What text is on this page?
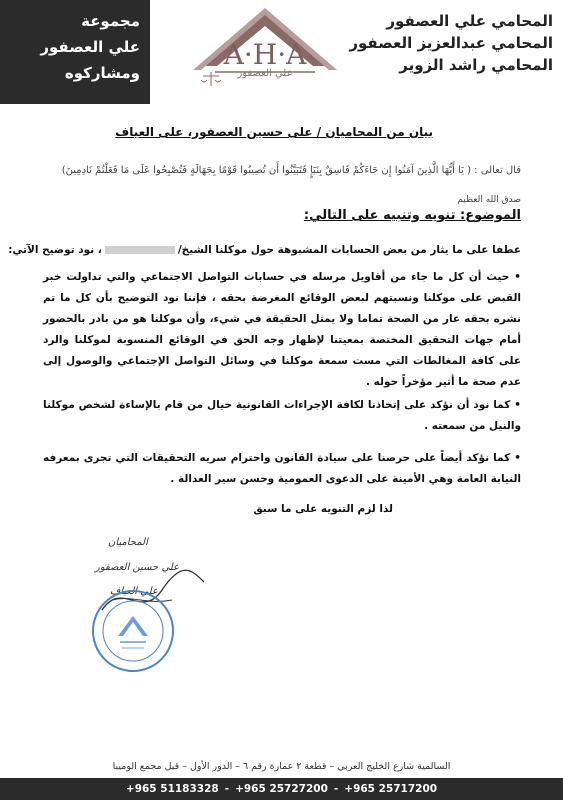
مجموعة
علي العصفور
ومشاركوه
A·H·A
علي العصفور
المحامي علي العصفور
المحامي عبدالعزيز العصفور
المحامي راشد الزوير
بيان من المحاميان / على حسين العصفور، على العياف
قال تعالى : ( يَا أَيُّهَا الَّذِينَ آمَنُوا إِن جَاءَكُمْ فَاسِقٌ بِنَبَإٍ فَتَبَيَّنُوا أَن تُصِيبُوا قَوْمًا بِجَهَالَةٍ فَتُصْبِحُوا عَلَى مَا فَعَلْتُمْ نَادِمِينَ)
صدق الله العظيم
الموضوع: تنويه وتنبيه على التالي:
عطفا على ما يثار من بعض الحسابات المشبوهة حول موكلنا الشيخ/، نود توضيح الآتي:
• حيث أن كل ما جاء من أقاويل مرسله في حسابات التواصل الاجتماعي والتي تداولت خبر القبض على موكلنا ونسبتهم لبعض الوقائع المغرضة بحقه ، فإننا نود التوضيح بأن كل ما تم نشره بحقه عار من الصحة تماما ولا يمثل الحقيقة في شيء، وأن موكلنا هو من بادر بالحضور أمام جهات التحقيق المختصة بمعيتنا لإظهار وجه الحق في الوقائع المنسوبة لموكلنا والرد على كافة المغالطات التي مست سمعة موكلنا في وسائل التواصل الإجتماعي والوصول إلى عدم صحة ما أثير مؤخراً حوله .
• كما نود أن نؤكد على إتخاذنا لكافة الإجراءات القانونية حيال من قام بالإساءة لشخص موكلنا والنيل من سمعته .
• كما نؤكد أيضاً على حرصنا على سيادة القانون واحترام سريه التحقيقات التي تجرى بمعرفه النيابة العامة وهي الأمينة على الدعوى العمومية وحسن سير العدالة .
لذا لزم التنويه على ما سبق
المحاميان
علي حسين العصفور
علي العياف
السالمية شارع الخليج العربي – قطعة ٢ عمارة رقم ٦ – الدور الأول – قبل مجمع الوميبا
+965 51183328 - +965 25727200 - +965 25717200
